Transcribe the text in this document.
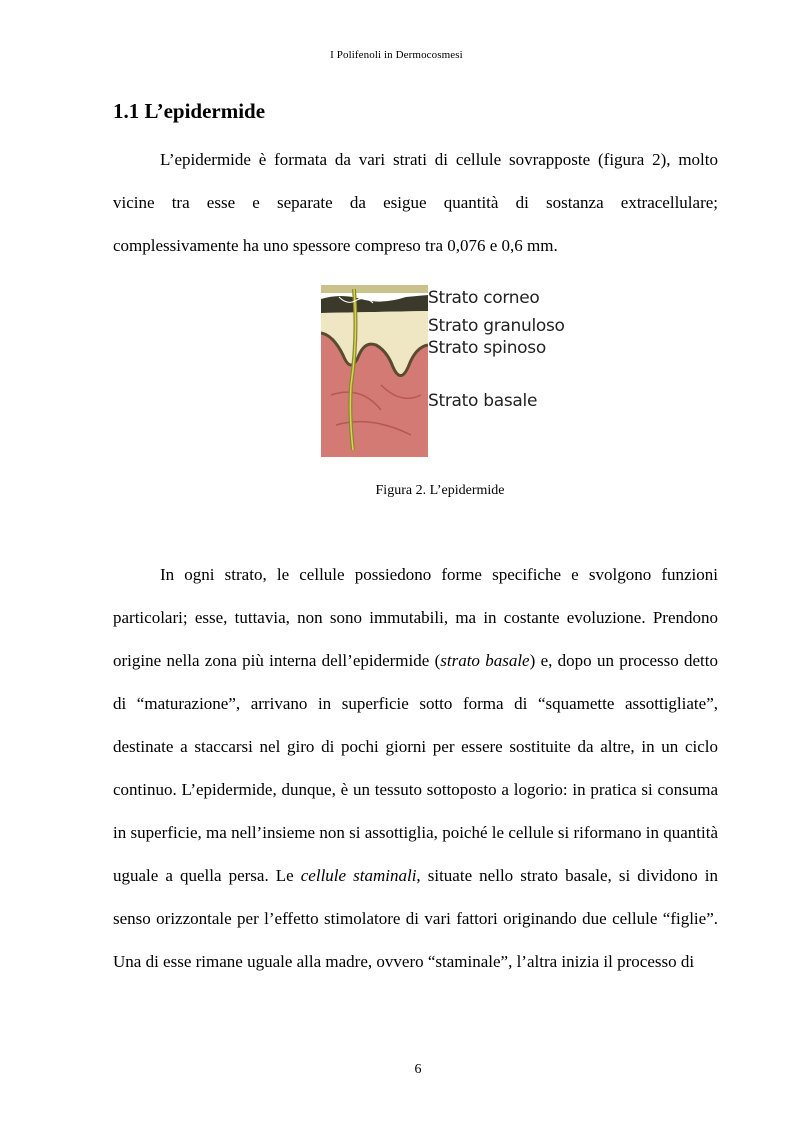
I Polifenoli in Dermocosmesi
1.1 L’epidermide

L’epidermide è formata da vari strati di cellule sovrapposte (figura 2), molto vicine tra esse e separate da esigue quantità di sostanza extracellulare; complessivamente ha uno spessore compreso tra 0,076 e 0,6 mm.

Strato corneo
Strato granuloso
Strato spinoso
Strato basale
Figura 2. L’epidermide

In ogni strato, le cellule possiedono forme specifiche e svolgono funzioni particolari; esse, tuttavia, non sono immutabili, ma in costante evoluzione. Prendono origine nella zona più interna dell’epidermide (strato basale) e, dopo un processo detto di “maturazione”, arrivano in superficie sotto forma di “squamette assottigliate”, destinate a staccarsi nel giro di pochi giorni per essere sostituite da altre, in un ciclo continuo. L’epidermide, dunque, è un tessuto sottoposto a logorio: in pratica si consuma in superficie, ma nell’insieme non si assottiglia, poiché le cellule si riformano in quantità uguale a quella persa. Le cellule staminali, situate nello strato basale, si dividono in senso orizzontale per l’effetto stimolatore di vari fattori originando due cellule “figlie”. Una di esse rimane uguale alla madre, ovvero “staminale”, l’altra inizia il processo di

6
